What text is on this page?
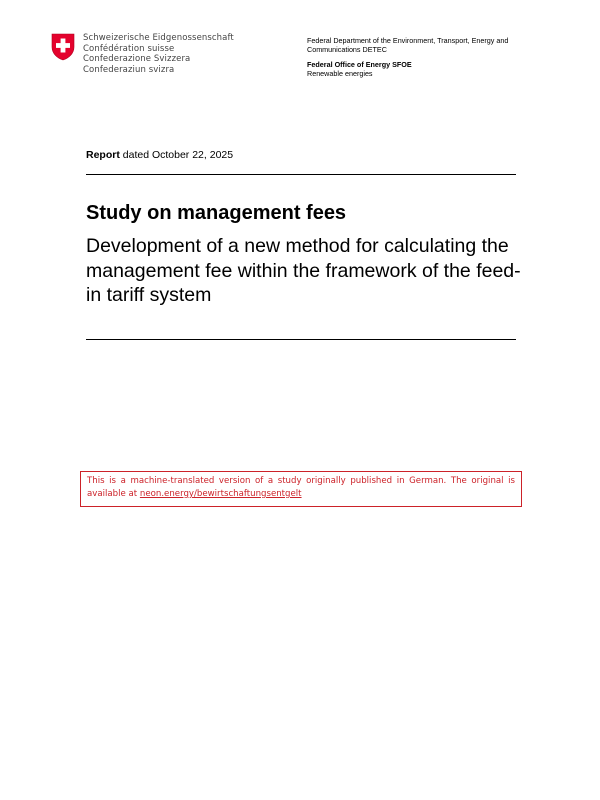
Schweizerische Eidgenossenschaft
Confédération suisse
Confederazione Svizzera
Confederaziun svizra
Federal Department of the Environment, Transport, Energy and Communications DETEC
Federal Office of Energy SFOE
Renewable energies
Report dated October 22, 2025
Study on management fees
Development of a new method for calculating the management fee within the framework of the feed-in tariff system
This is a machine-translated version of a study originally published in German. The original is available at neon.energy/bewirtschaftungsentgelt
